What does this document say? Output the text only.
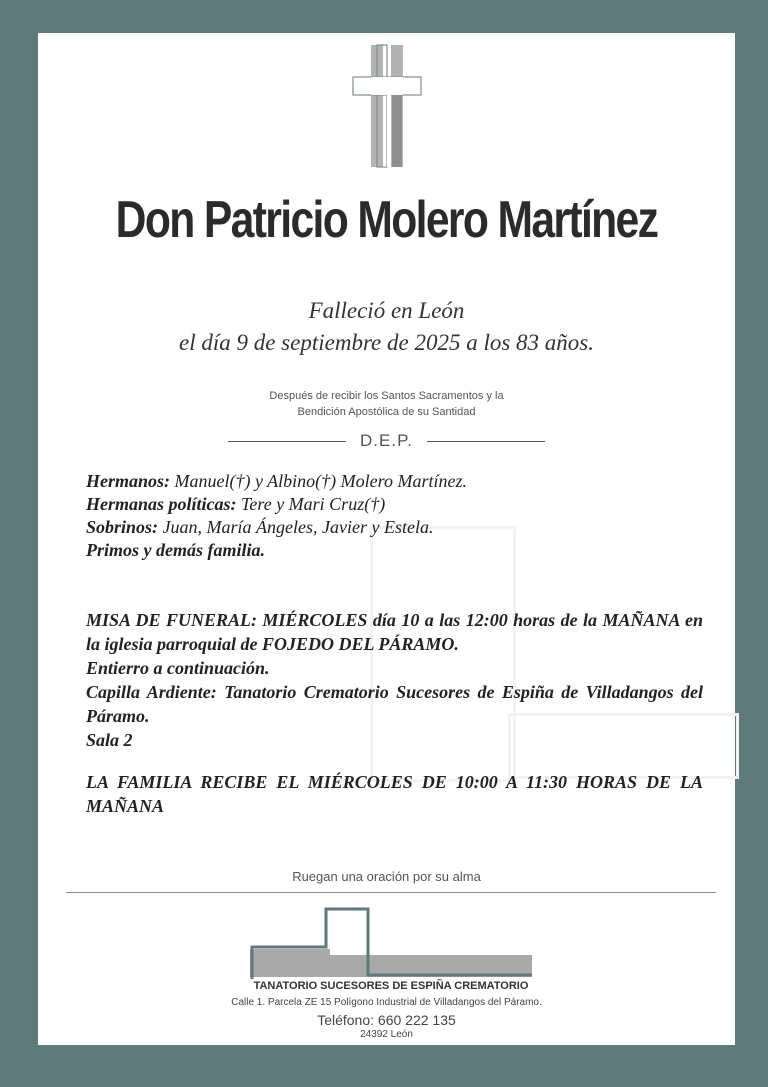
Don Patricio Molero Martínez
Falleció en León
el día 9 de septiembre de 2025 a los 83 años.
Después de recibir los Santos Sacramentos y la
Bendición Apostólica de su Santidad
D.E.P.
Hermanos: Manuel(†) y Albino(†) Molero Martínez.
Hermanas políticas: Tere y Mari Cruz(†)
Sobrinos: Juan, María Ángeles, Javier y Estela.
Primos y demás familia.

MISA DE FUNERAL: MIÉRCOLES día 10 a las 12:00 horas de la MAÑANA en la iglesia parroquial de FOJEDO DEL PÁRAMO.

Entierro a continuación.

Capilla Ardiente: Tanatorio Crematorio Sucesores de Espiña de Villadangos del Páramo.

Sala 2

LA FAMILIA RECIBE EL MIÉRCOLES DE 10:00 A 11:30 HORAS DE LA MAÑANA
Ruegan una oración por su alma
TANATORIO SUCESORES DE ESPIÑA CREMATORIO
Calle 1. Parcela ZE 15 Polígono Industrial de Villadangos del Páramo.
Teléfono: 660 222 135
24392 León
